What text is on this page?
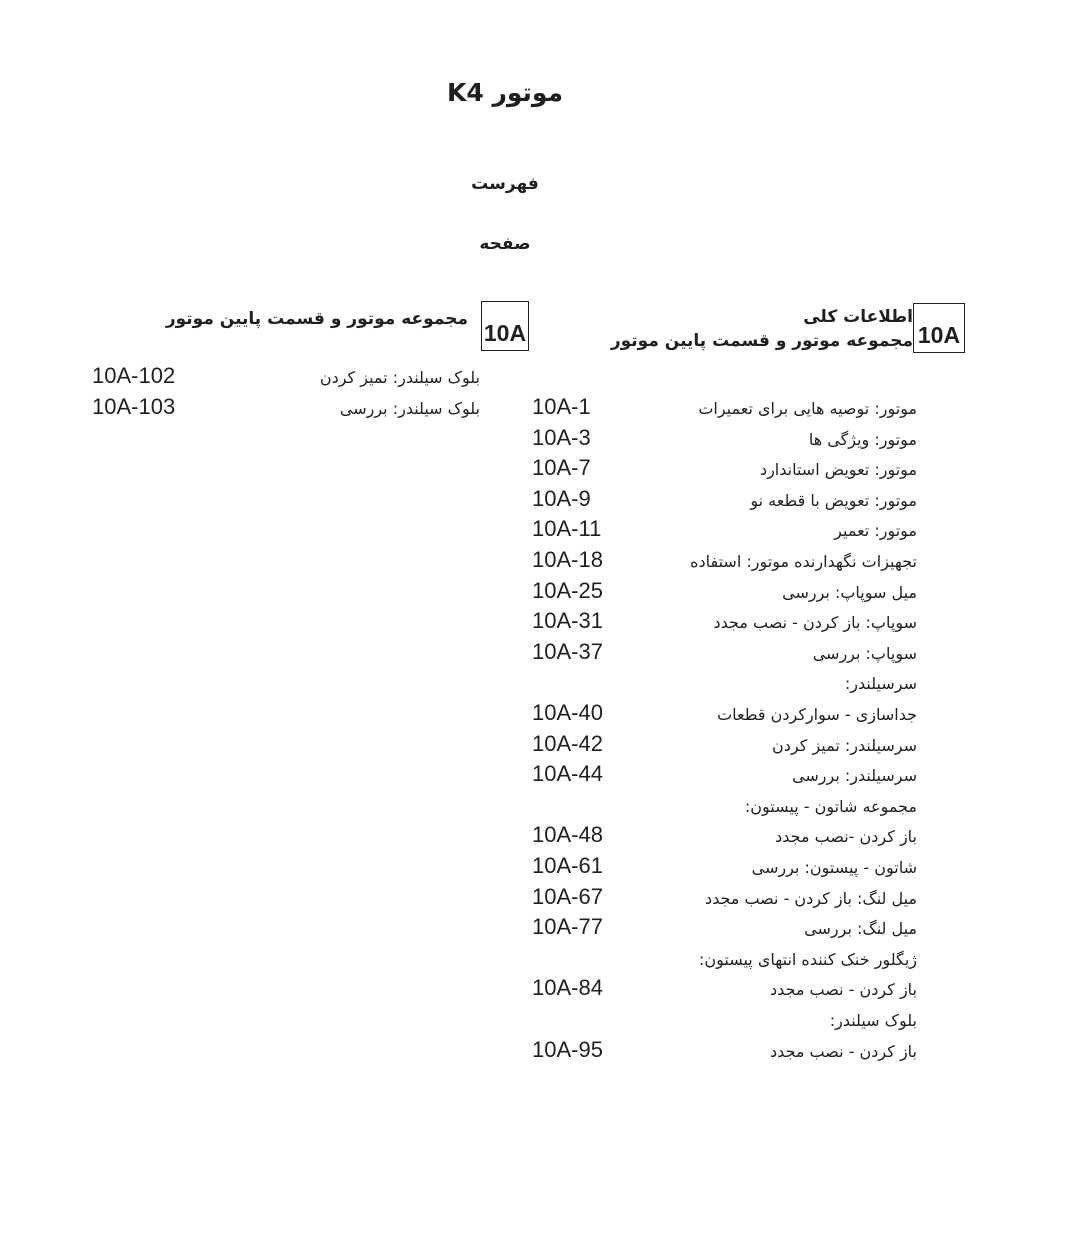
موتور K4
فهرست
صفحه
10A
اطلاعات کلی
مجموعه موتور و قسمت پایین موتور
موتور: توصیه هایی برای تعمیرات
10A-1
موتور: ویژگی ها
10A-3
موتور: تعویض استاندارد
10A-7
موتور: تعویض با قطعه نو
10A-9
موتور: تعمیر
10A-11
تجهیزات نگهدارنده موتور: استفاده
10A-18
میل سوپاپ: بررسی
10A-25
سوپاپ: باز کردن - نصب مجدد
10A-31
سوپاپ: بررسی
10A-37
سرسیلندر:
جداسازی - سوارکردن قطعات
10A-40
سرسیلندر: تمیز کردن
10A-42
سرسیلندر: بررسی
10A-44
مجموعه شاتون - پیستون:
باز کردن -نصب مجدد
10A-48
شاتون - پیستون: بررسی
10A-61
میل لنگ: باز کردن - نصب مجدد
10A-67
میل لنگ: بررسی
10A-77
ژیگلور خنک کننده انتهای پیستون:
باز کردن - نصب مجدد
10A-84
بلوک سیلندر:
باز کردن - نصب مجدد
10A-95
10A
مجموعه موتور و قسمت پایین موتور
بلوک سیلندر: تمیز کردن
10A-102
بلوک سیلندر: بررسی
10A-103
